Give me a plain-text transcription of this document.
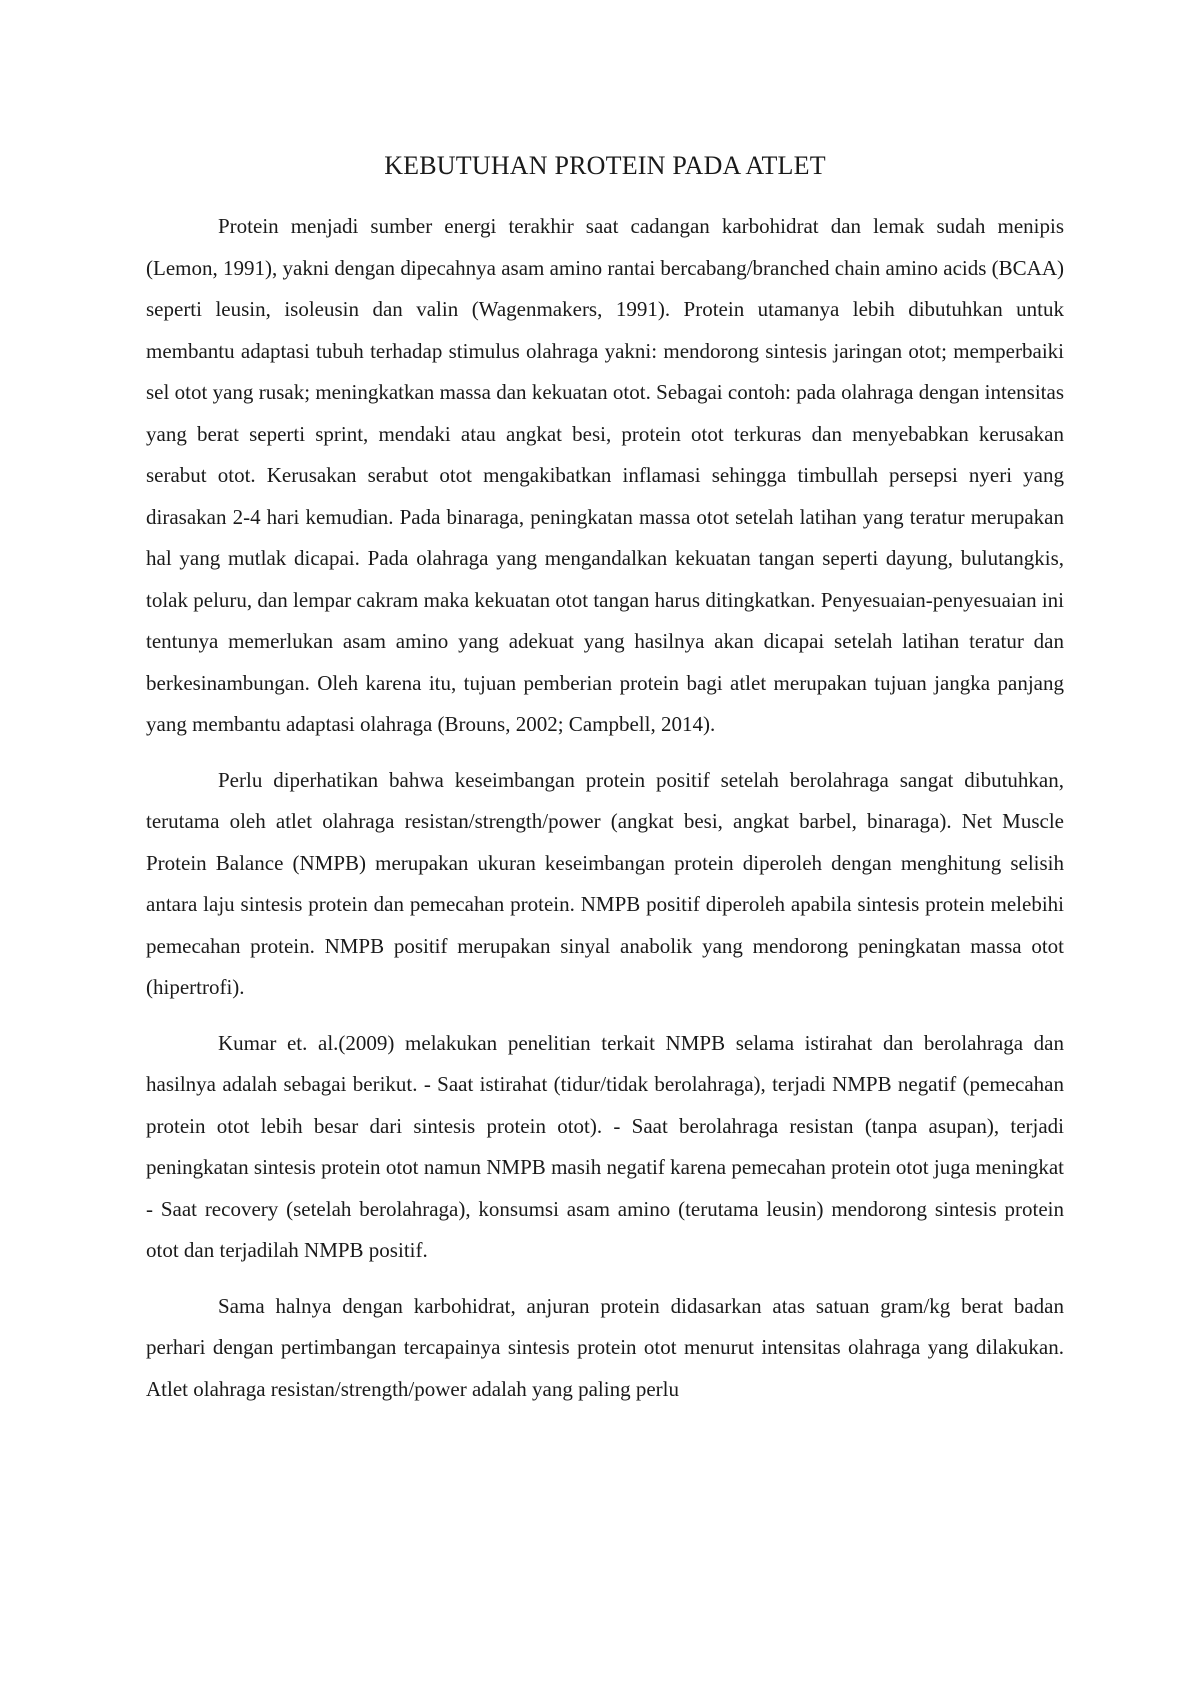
KEBUTUHAN PROTEIN PADA ATLET

Protein menjadi sumber energi terakhir saat cadangan karbohidrat dan lemak sudah menipis (Lemon, 1991), yakni dengan dipecahnya asam amino rantai bercabang/branched chain amino acids (BCAA) seperti leusin, isoleusin dan valin (Wagenmakers, 1991). Protein utamanya lebih dibutuhkan untuk membantu adaptasi tubuh terhadap stimulus olahraga yakni: mendorong sintesis jaringan otot; memperbaiki sel otot yang rusak; meningkatkan massa dan kekuatan otot. Sebagai contoh: pada olahraga dengan intensitas yang berat seperti sprint, mendaki atau angkat besi, protein otot terkuras dan menyebabkan kerusakan serabut otot. Kerusakan serabut otot mengakibatkan inflamasi sehingga timbullah persepsi nyeri yang dirasakan 2-4 hari kemudian. Pada binaraga, peningkatan massa otot setelah latihan yang teratur merupakan hal yang mutlak dicapai. Pada olahraga yang mengandalkan kekuatan tangan seperti dayung, bulutangkis, tolak peluru, dan lempar cakram maka kekuatan otot tangan harus ditingkatkan. Penyesuaian-penyesuaian ini tentunya memerlukan asam amino yang adekuat yang hasilnya akan dicapai setelah latihan teratur dan berkesinambungan. Oleh karena itu, tujuan pemberian protein bagi atlet merupakan tujuan jangka panjang yang membantu adaptasi olahraga (Brouns, 2002; Campbell, 2014).

Perlu diperhatikan bahwa keseimbangan protein positif setelah berolahraga sangat dibutuhkan, terutama oleh atlet olahraga resistan/strength/power (angkat besi, angkat barbel, binaraga). Net Muscle Protein Balance (NMPB) merupakan ukuran keseimbangan protein diperoleh dengan menghitung selisih antara laju sintesis protein dan pemecahan protein. NMPB positif diperoleh apabila sintesis protein melebihi pemecahan protein. NMPB positif merupakan sinyal anabolik yang mendorong peningkatan massa otot (hipertrofi).

Kumar et. al.(2009) melakukan penelitian terkait NMPB selama istirahat dan berolahraga dan hasilnya adalah sebagai berikut. - Saat istirahat (tidur/tidak berolahraga), terjadi NMPB negatif (pemecahan protein otot lebih besar dari sintesis protein otot). - Saat berolahraga resistan (tanpa asupan), terjadi peningkatan sintesis protein otot namun NMPB masih negatif karena pemecahan protein otot juga meningkat - Saat recovery (setelah berolahraga), konsumsi asam amino (terutama leusin) mendorong sintesis protein otot dan terjadilah NMPB positif.

Sama halnya dengan karbohidrat, anjuran protein didasarkan atas satuan gram/kg berat badan perhari dengan pertimbangan tercapainya sintesis protein otot menurut intensitas olahraga yang dilakukan. Atlet olahraga resistan/strength/power adalah yang paling perlu
